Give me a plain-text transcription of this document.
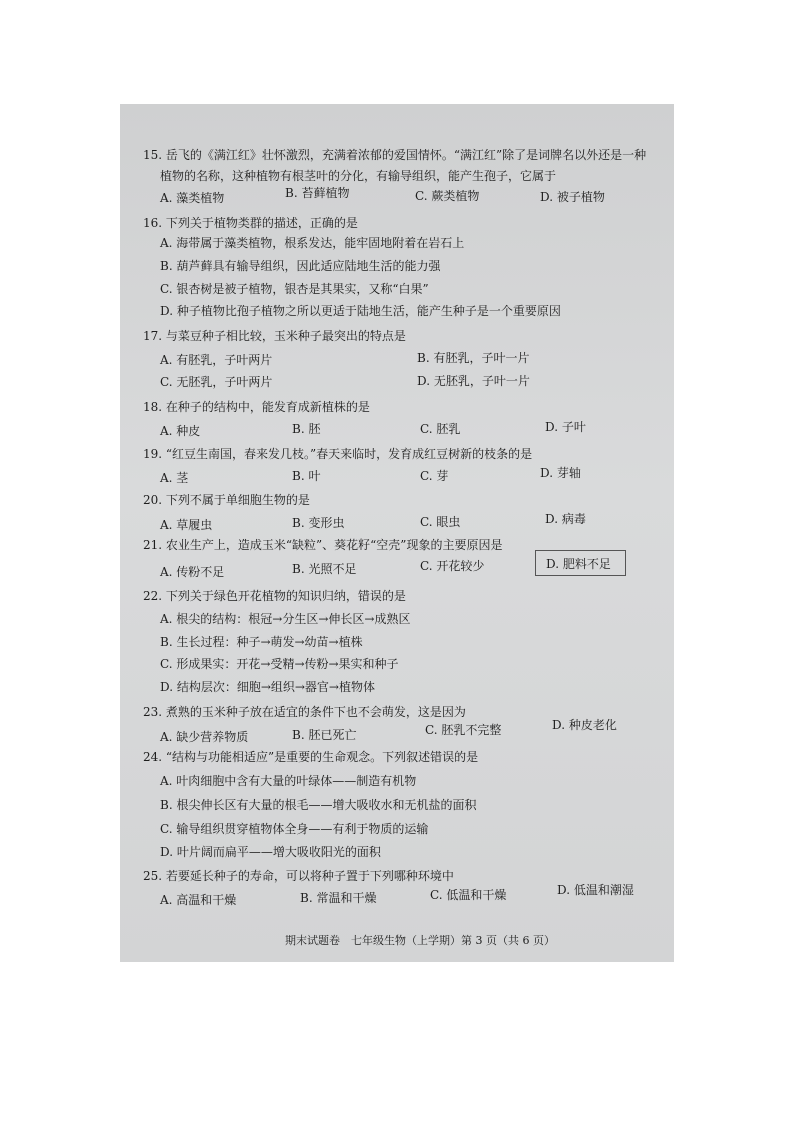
15. 岳飞的《满江红》壮怀激烈，充满着浓郁的爱国情怀。“满江红”除了是词牌名以外还是一种
植物的名称，这种植物有根茎叶的分化，有输导组织，能产生孢子，它属于
A. 藻类植物	B. 苔藓植物	C. 蕨类植物	D. 被子植物
16. 下列关于植物类群的描述，正确的是
A. 海带属于藻类植物，根系发达，能牢固地附着在岩石上
B. 葫芦藓具有输导组织，因此适应陆地生活的能力强
C. 银杏树是被子植物，银杏是其果实，又称“白果”
D. 种子植物比孢子植物之所以更适于陆地生活，能产生种子是一个重要原因
17. 与菜豆种子相比较，玉米种子最突出的特点是
A. 有胚乳，子叶两片	B. 有胚乳，子叶一片
C. 无胚乳，子叶两片	D. 无胚乳，子叶一片
18. 在种子的结构中，能发育成新植株的是
A. 种皮	B. 胚	C. 胚乳	D. 子叶
19. “红豆生南国，春来发几枝。”春天来临时，发育成红豆树新的枝条的是
A. 茎	B. 叶	C. 芽	D. 芽轴
20. 下列不属于单细胞生物的是
A. 草履虫	B. 变形虫	C. 眼虫	D. 病毒
21. 农业生产上，造成玉米“缺粒”、葵花籽“空壳”现象的主要原因是
A. 传粉不足	B. 光照不足	C. 开花较少	D. 肥料不足
22. 下列关于绿色开花植物的知识归纳，错误的是
A. 根尖的结构：根冠→分生区→伸长区→成熟区
B. 生长过程：种子→萌发→幼苗→植株
C. 形成果实：开花→受精→传粉→果实和种子
D. 结构层次：细胞→组织→器官→植物体
23. 煮熟的玉米种子放在适宜的条件下也不会萌发，这是因为
A. 缺少营养物质	B. 胚已死亡	C. 胚乳不完整	D. 种皮老化
24. “结构与功能相适应”是重要的生命观念。下列叙述错误的是
A. 叶肉细胞中含有大量的叶绿体——制造有机物
B. 根尖伸长区有大量的根毛——增大吸收水和无机盐的面积
C. 输导组织贯穿植物体全身——有利于物质的运输
D. 叶片阔而扁平——增大吸收阳光的面积
25. 若要延长种子的寿命，可以将种子置于下列哪种环境中
A. 高温和干燥	B. 常温和干燥	C. 低温和干燥	D. 低温和潮湿
期末试题卷　七年级生物（上学期）第 3 页（共 6 页）
